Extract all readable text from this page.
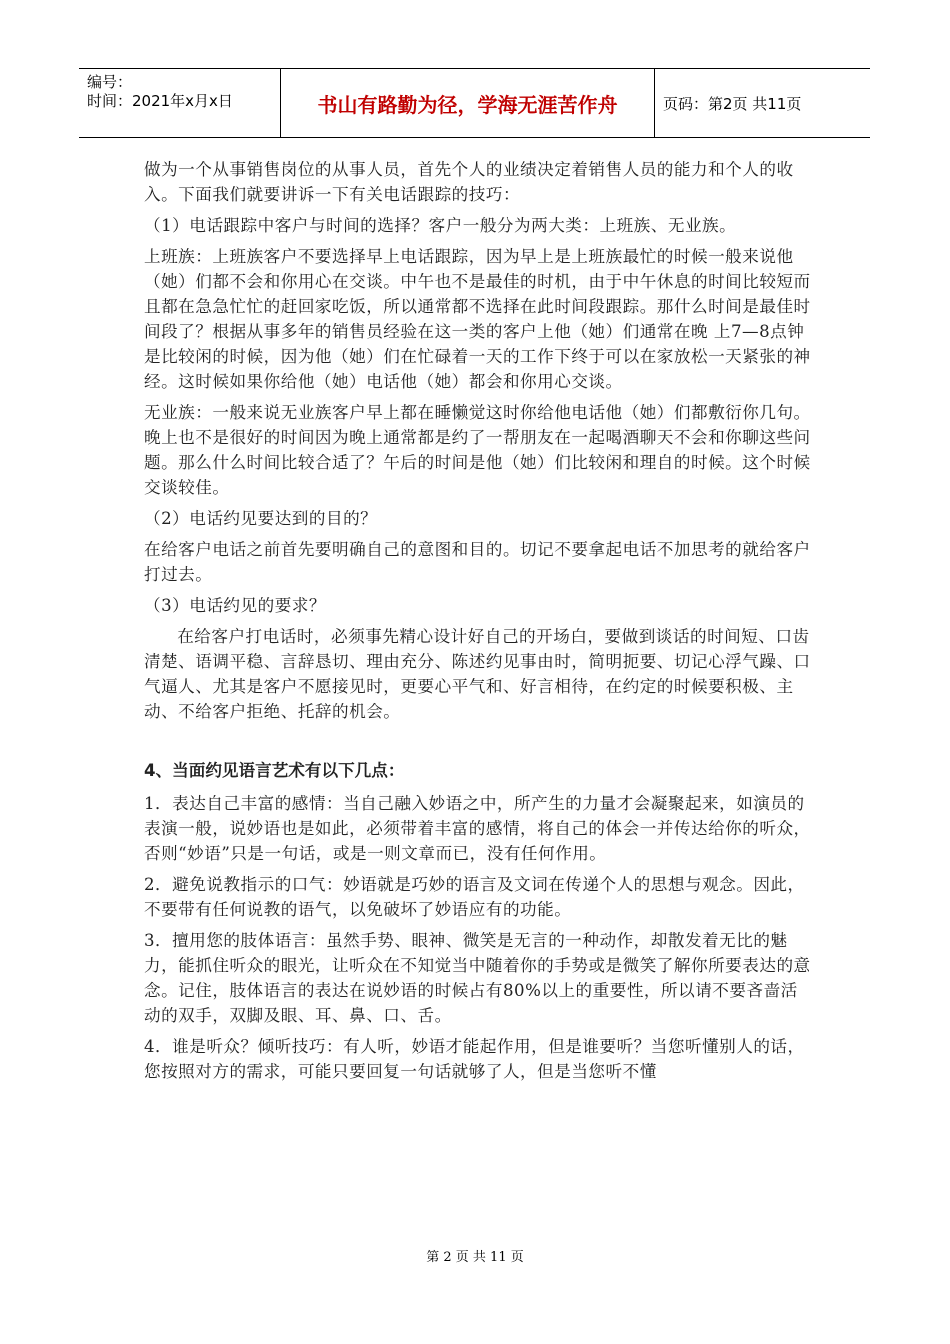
编号：
时间：2021年x月x日	书山有路勤为径，学海无涯苦作舟	页码：第2页 共11页

做为一个从事销售岗位的从事人员，首先个人的业绩决定着销售人员的能力和个人的收入。下面我们就要讲诉一下有关电话跟踪的技巧：

（1）电话跟踪中客户与时间的选择？客户一般分为两大类：上班族、无业族。

上班族：上班族客户不要选择早上电话跟踪，因为早上是上班族最忙的时候一般来说他（她）们都不会和你用心在交谈。中午也不是最佳的时机，由于中午休息的时间比较短而且都在急急忙忙的赶回家吃饭，所以通常都不选择在此时间段跟踪。那什么时间是最佳时间段了？根据从事多年的销售员经验在这一类的客户上他（她）们通常在晚 上7—8点钟是比较闲的时候，因为他（她）们在忙碌着一天的工作下终于可以在家放松一天紧张的神经。这时候如果你给他（她）电话他（她）都会和你用心交谈。

无业族：一般来说无业族客户早上都在睡懒觉这时你给他电话他（她）们都敷衍你几句。晚上也不是很好的时间因为晚上通常都是约了一帮朋友在一起喝酒聊天不会和你聊这些问题。那么什么时间比较合适了？午后的时间是他（她）们比较闲和理自的时候。这个时候交谈较佳。

（2）电话约见要达到的目的？

在给客户电话之前首先要明确自己的意图和目的。切记不要拿起电话不加思考的就给客户打过去。

（3）电话约见的要求？

在给客户打电话时，必须事先精心设计好自己的开场白，要做到谈话的时间短、口齿清楚、语调平稳、言辞恳切、理由充分、陈述约见事由时，简明扼要、切记心浮气躁、口气逼人、尤其是客户不愿接见时，更要心平气和、好言相待，在约定的时候要积极、主动、不给客户拒绝、托辞的机会。

4、当面约见语言艺术有以下几点：

1．表达自己丰富的感情：当自己融入妙语之中，所产生的力量才会凝聚起来，如演员的表演一般，说妙语也是如此，必须带着丰富的感情，将自己的体会一并传达给你的听众，否则“妙语”只是一句话，或是一则文章而已，没有任何作用。

2．避免说教指示的口气：妙语就是巧妙的语言及文词在传递个人的思想与观念。因此，不要带有任何说教的语气，以免破坏了妙语应有的功能。

3．擅用您的肢体语言：虽然手势、眼神、微笑是无言的一种动作，却散发着无比的魅力，能抓住听众的眼光，让听众在不知觉当中随着你的手势或是微笑了解你所要表达的意念。记住，肢体语言的表达在说妙语的时候占有80%以上的重要性，所以请不要吝啬活动的双手，双脚及眼、耳、鼻、口、舌。

4．谁是听众？倾听技巧：有人听，妙语才能起作用，但是谁要听？当您听懂别人的话，您按照对方的需求，可能只要回复一句话就够了人，但是当您听不懂

第 2 页 共 11 页
